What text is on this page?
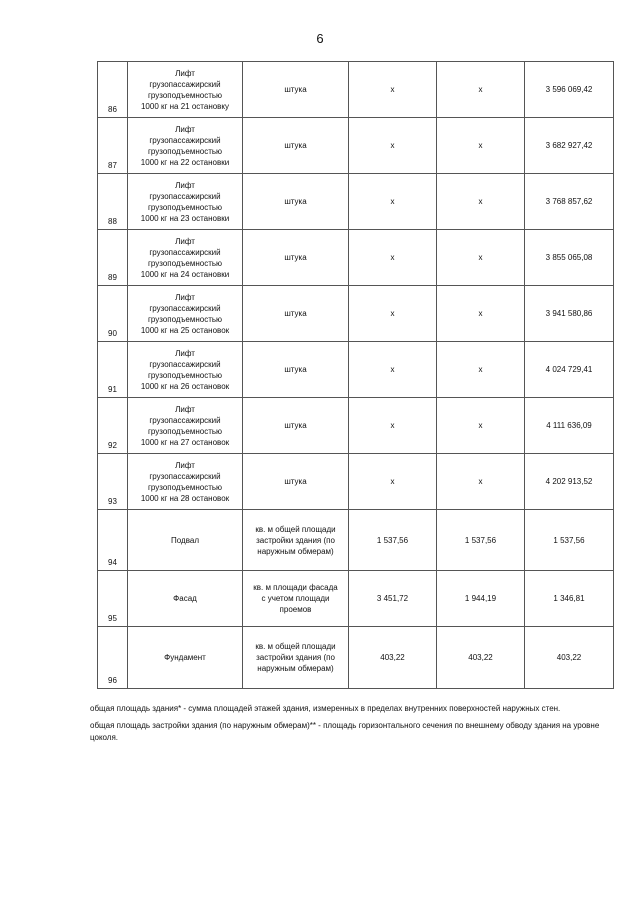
6
86	Лифт
грузопассажирский
грузоподъемностью
1000 кг на 21 остановку	штука	х	х	3 596 069,42
87	Лифт
грузопассажирский
грузоподъемностью
1000 кг на 22 остановки	штука	х	х	3 682 927,42
88	Лифт
грузопассажирский
грузоподъемностью
1000 кг на 23 остановки	штука	х	х	3 768 857,62
89	Лифт
грузопассажирский
грузоподъемностью
1000 кг на 24 остановки	штука	х	х	3 855 065,08
90	Лифт
грузопассажирский
грузоподъемностью
1000 кг на 25 остановок	штука	х	х	3 941 580,86
91	Лифт
грузопассажирский
грузоподъемностью
1000 кг на 26 остановок	штука	х	х	4 024 729,41
92	Лифт
грузопассажирский
грузоподъемностью
1000 кг на 27 остановок	штука	х	х	4 111 636,09
93	Лифт
грузопассажирский
грузоподъемностью
1000 кг на 28 остановок	штука	х	х	4 202 913,52
94	Подвал	кв. м общей площади
застройки здания (по
наружным обмерам)	1 537,56	1 537,56	1 537,56
95	Фасад	кв. м площади фасада
с учетом площади
проемов	3 451,72	1 944,19	1 346,81
96	Фундамент	кв. м общей площади
застройки здания (по
наружным обмерам)	403,22	403,22	403,22

общая площадь здания* - сумма площадей этажей здания, измеренных в пределах внутренних поверхностей наружных стен.

общая площадь застройки здания (по наружным обмерам)** - площадь горизонтального сечения по внешнему обводу здания на уровне цоколя.
